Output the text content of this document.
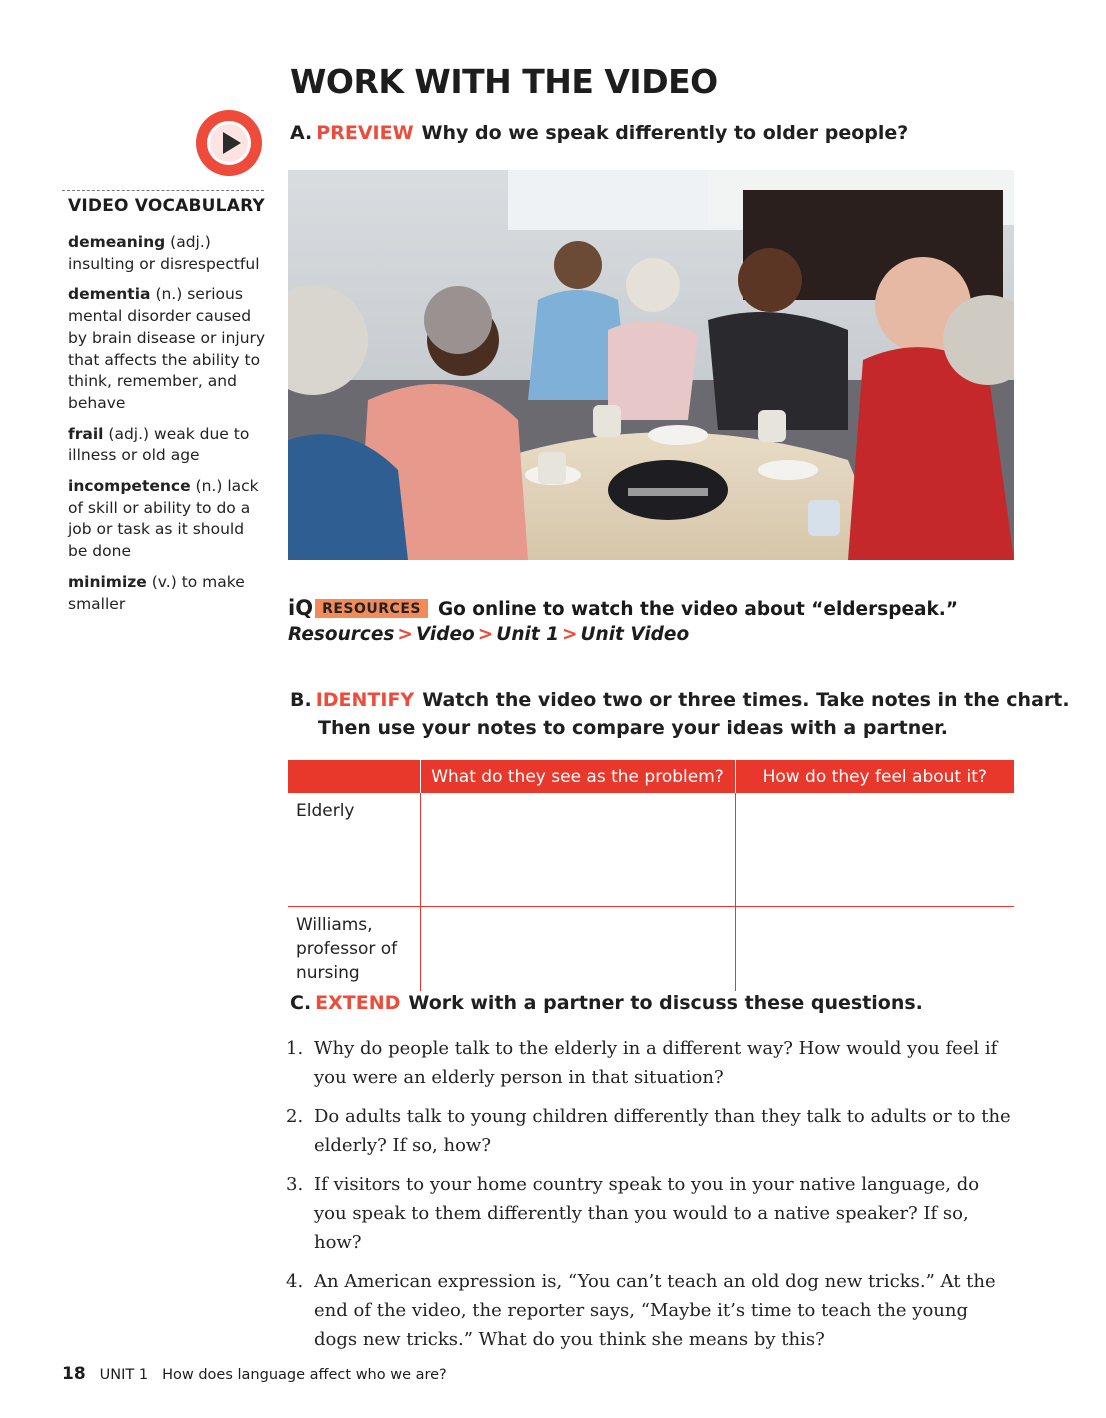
WORK WITH THE VIDEO
VIDEO VOCABULARY
demeaning (adj.) insulting or disrespectful
dementia (n.) serious mental disorder caused by brain disease or injury that affects the ability to think, remember, and behave
frail (adj.) weak due to illness or old age
incompetence (n.) lack of skill or ability to do a job or task as it should be done
minimize (v.) to make smaller
A. PREVIEW Why do we speak differently to older people?
iQ RESOURCES Go online to watch the video about “elderspeak.”
Resources > Video > Unit 1 > Unit Video
B. IDENTIFY Watch the video two or three times. Take notes in the chart.
Then use your notes to compare your ideas with a partner.
	What do they see as the problem?	How do they feel about it?
Elderly		
Williams, professor of nursing		
C. EXTEND Work with a partner to discuss these questions.
1. Why do people talk to the elderly in a different way? How would you feel if you were an elderly person in that situation?
2. Do adults talk to young children differently than they talk to adults or to the elderly? If so, how?
3. If visitors to your home country speak to you in your native language, do you speak to them differently than you would to a native speaker? If so, how?
4. An American expression is, “You can’t teach an old dog new tricks.” At the end of the video, the reporter says, “Maybe it’s time to teach the young dogs new tricks.” What do you think she means by this?
18 UNIT 1 How does language affect who we are?
